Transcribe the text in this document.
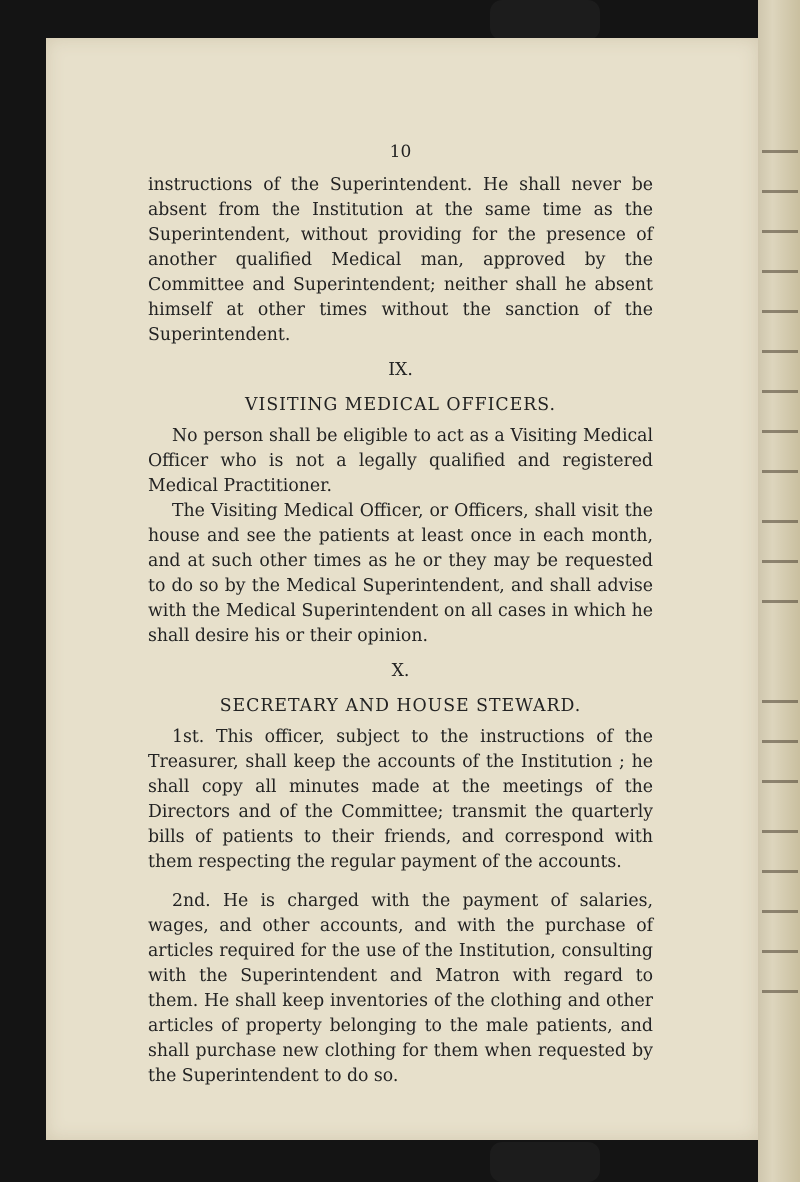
10

instructions of the Superintendent. He shall never be absent from the Institution at the same time as the Superintendent, without providing for the presence of another qualified Medical man, approved by the Committee and Superintendent; neither shall he absent himself at other times without the sanction of the Superintendent.

IX.
VISITING MEDICAL OFFICERS.

No person shall be eligible to act as a Visiting Medical Officer who is not a legally qualified and registered Medical Practitioner.

The Visiting Medical Officer, or Officers, shall visit the house and see the patients at least once in each month, and at such other times as he or they may be requested to do so by the Medical Superintendent, and shall advise with the Medical Superintendent on all cases in which he shall desire his or their opinion.

X.
SECRETARY AND HOUSE STEWARD.

1st. This officer, subject to the instructions of the Treasurer, shall keep the accounts of the Institution ; he shall copy all minutes made at the meetings of the Directors and of the Committee; transmit the quarterly bills of patients to their friends, and correspond with them respecting the regular payment of the accounts.

2nd. He is charged with the payment of salaries, wages, and other accounts, and with the purchase of articles required for the use of the Institution, consulting with the Superintendent and Matron with regard to them. He shall keep inventories of the clothing and other articles of property belonging to the male patients, and shall purchase new clothing for them when requested by the Superintendent to do so.
